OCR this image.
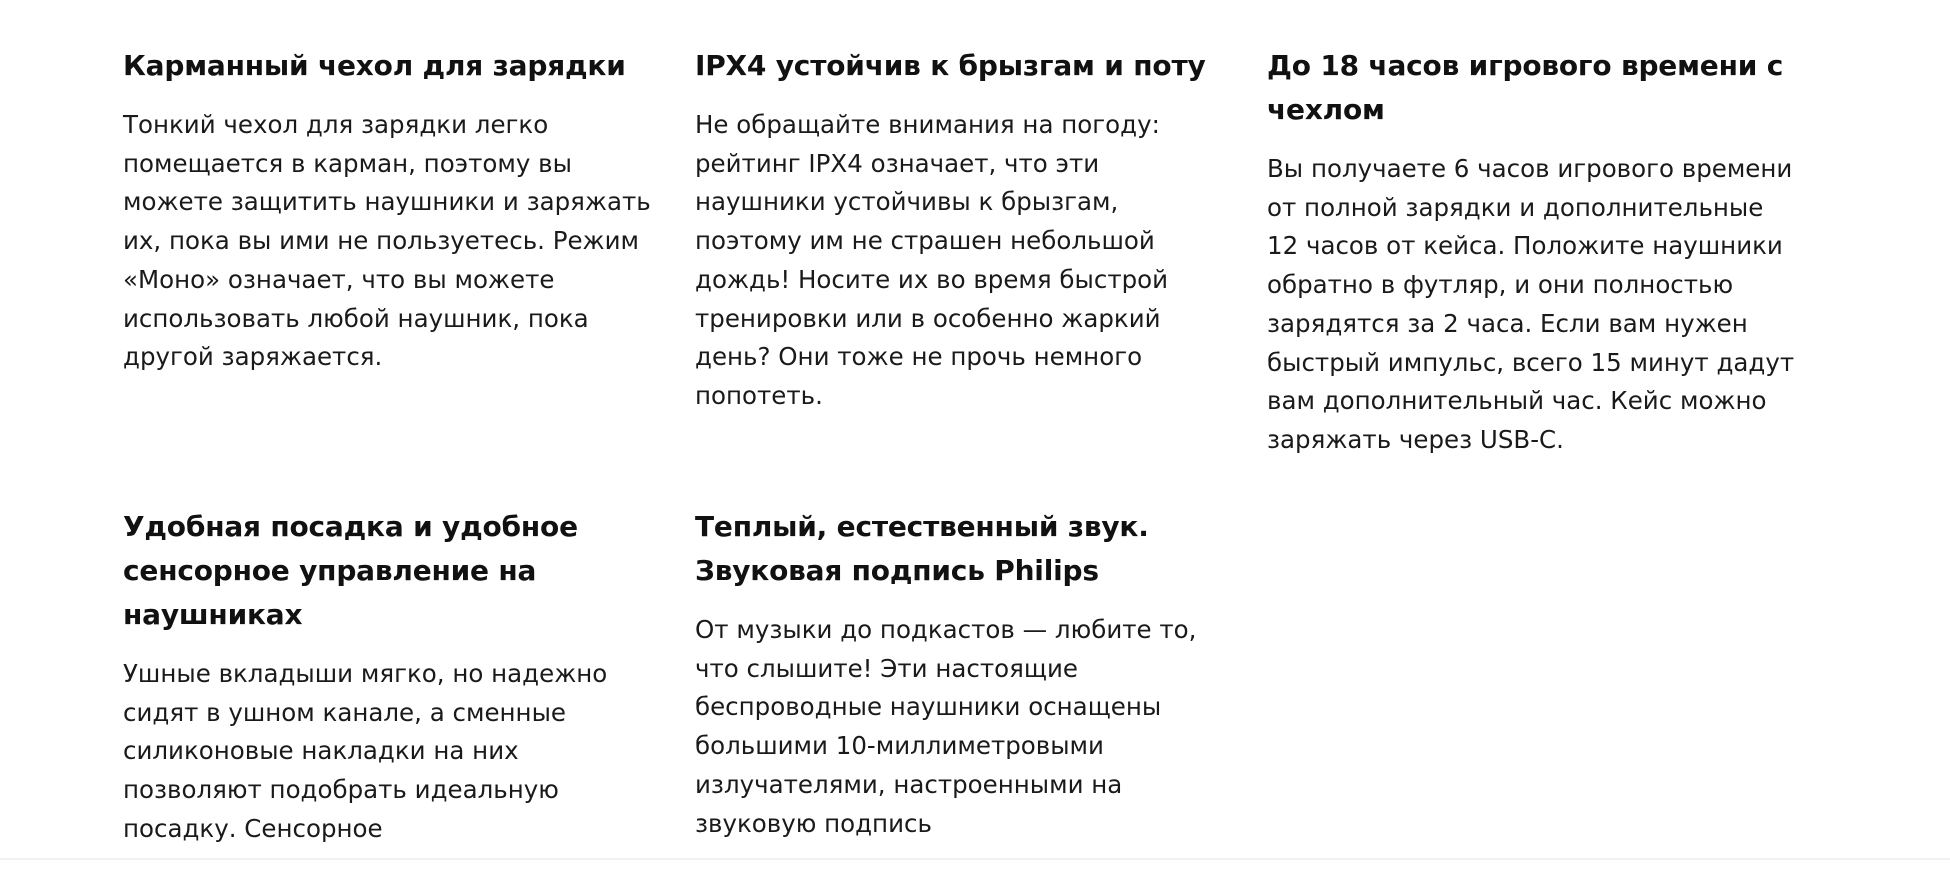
Карманный чехол для зарядки

Тонкий чехол для зарядки легко помещается в карман, поэтому вы можете защитить наушники и заряжать их, пока вы ими не пользуетесь. Режим «Моно» означает, что вы можете использовать любой наушник, пока другой заряжается.

IPX4 устойчив к брызгам и поту

Не обращайте внимания на погоду: рейтинг IPX4 означает, что эти наушники устойчивы к брызгам, поэтому им не страшен небольшой дождь! Носите их во время быстрой тренировки или в особенно жаркий день? Они тоже не прочь немного попотеть.

До 18 часов игрового времени с чехлом

Вы получаете 6 часов игрового времени от полной зарядки и дополнительные 12 часов от кейса. Положите наушники обратно в футляр, и они полностью зарядятся за 2 часа. Если вам нужен быстрый импульс, всего 15 минут дадут вам дополнительный час. Кейс можно заряжать через USB-C.

Удобная посадка и удобное сенсорное управление на наушниках

Ушные вкладыши мягко, но надежно сидят в ушном канале, а сменные силиконовые накладки на них позволяют подобрать идеальную посадку. Сенсорное

Теплый, естественный звук. Звуковая подпись Philips

От музыки до подкастов — любите то, что слышите! Эти настоящие беспроводные наушники оснащены большими 10-миллиметровыми излучателями, настроенными на звуковую подпись
